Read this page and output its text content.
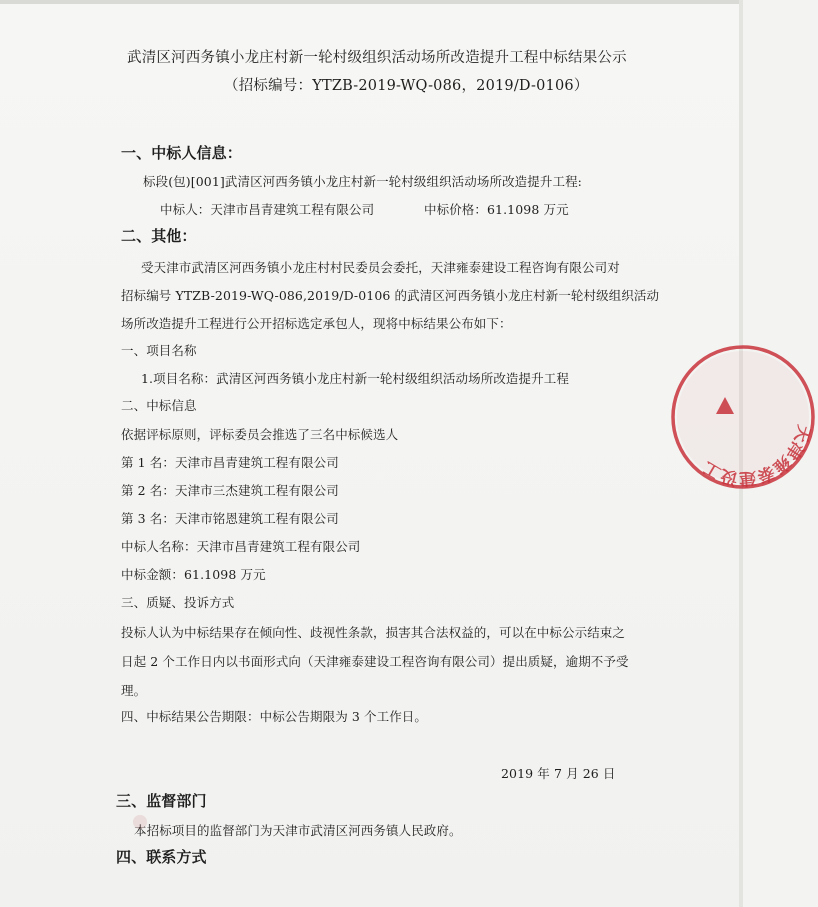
武清区河西务镇小龙庄村新一轮村级组织活动场所改造提升工程中标结果公示
（招标编号：YTZB-2019-WQ-086，2019/D-0106）
一、中标人信息：
标段(包)[001]武清区河西务镇小龙庄村新一轮村级组织活动场所改造提升工程:
中标人：天津市昌青建筑工程有限公司	中标价格：61.1098 万元
二、其他：
受天津市武清区河西务镇小龙庄村村民委员会委托，天津雍泰建设工程咨询有限公司对
招标编号 YTZB-2019-WQ-086,2019/D-0106 的武清区河西务镇小龙庄村新一轮村级组织活动
场所改造提升工程进行公开招标选定承包人，现将中标结果公布如下：
一、项目名称
1.项目名称：武清区河西务镇小龙庄村新一轮村级组织活动场所改造提升工程
二、中标信息
依据评标原则，评标委员会推选了三名中标候选人
第 1 名：天津市昌青建筑工程有限公司
第 2 名：天津市三杰建筑工程有限公司
第 3 名：天津市铭恩建筑工程有限公司
中标人名称：天津市昌青建筑工程有限公司
中标金额：61.1098 万元
三、质疑、投诉方式
投标人认为中标结果存在倾向性、歧视性条款，损害其合法权益的，可以在中标公示结束之
日起 2 个工作日内以书面形式向（天津雍泰建设工程咨询有限公司）提出质疑，逾期不予受
理。
四、中标结果公告期限：中标公告期限为 3 个工作日。
2019 年 7 月 26 日
三、监督部门
本招标项目的监督部门为天津市武清区河西务镇人民政府。
四、联系方式
天津雍泰建设工
